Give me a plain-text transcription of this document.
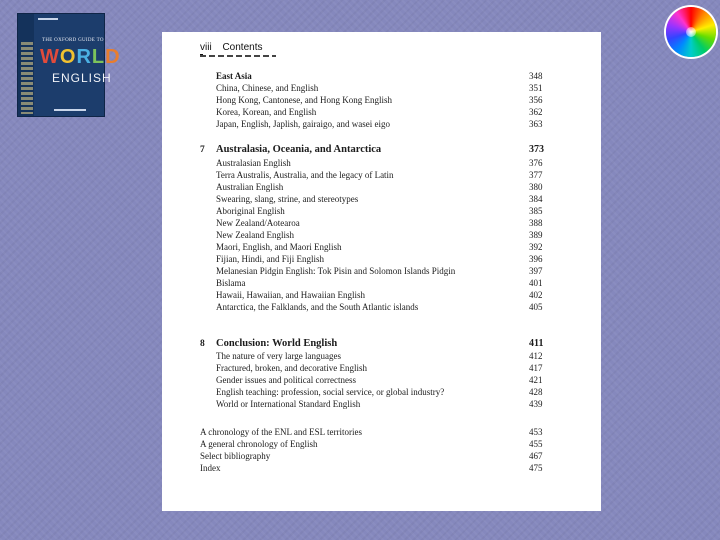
THE OXFORD GUIDE TO
WORLD
ENGLISH
viii Contents
East Asia	348
China, Chinese, and English	351
Hong Kong, Cantonese, and Hong Kong English	356
Korea, Korean, and English	362
Japan, English, Japlish, gairaigo, and wasei eigo	363
7 Australasia, Oceania, and Antarctica	373
Australasian English	376
Terra Australis, Australia, and the legacy of Latin	377
Australian English	380
Swearing, slang, strine, and stereotypes	384
Aboriginal English	385
New Zealand/Aotearoa	388
New Zealand English	389
Maori, English, and Maori English	392
Fijian, Hindi, and Fiji English	396
Melanesian Pidgin English: Tok Pisin and Solomon Islands Pidgin	397
Bislama	401
Hawaii, Hawaiian, and Hawaiian English	402
Antarctica, the Falklands, and the South Atlantic islands	405
8 Conclusion: World English	411
The nature of very large languages	412
Fractured, broken, and decorative English	417
Gender issues and political correctness	421
English teaching: profession, social service, or global industry?	428
World or International Standard English	439
A chronology of the ENL and ESL territories	453
A general chronology of English	455
Select bibliography	467
Index	475
